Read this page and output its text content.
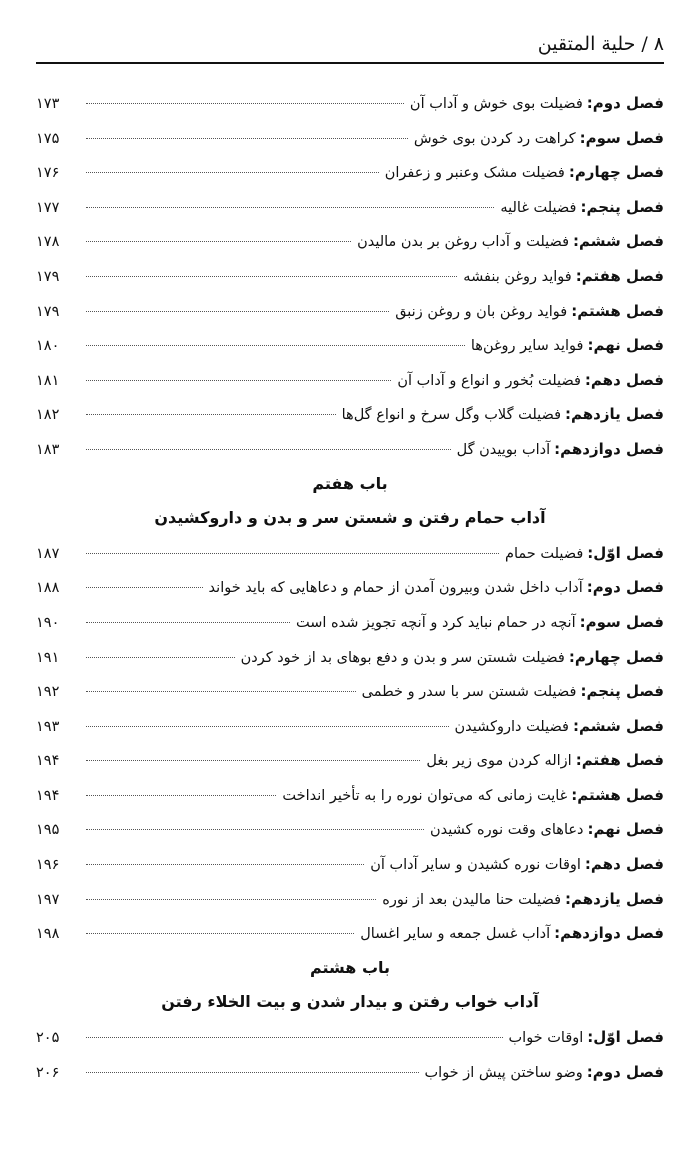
۸/حلیة المتقین
فصل دوم:فضیلت بوی خوش و آداب آن
۱۷۳
فصل سوم:کراهت رد کردن بوی خوش
۱۷۵
فصل چهارم:فضیلت مشک وعنبر و زعفران
۱۷۶
فصل پنجم:فضیلت غالیه
۱۷۷
فصل ششم:فضیلت و آداب روغن بر بدن مالیدن
۱۷۸
فصل هفتم:فواید روغن بنفشه
۱۷۹
فصل هشتم:فواید روغن بان و روغن زنبق
۱۷۹
فصل نهم:فواید سایر روغن‌ها
۱۸۰
فصل دهم:فضیلت بُخور و انواع و آداب آن
۱۸۱
فصل یازدهم:فضیلت گلاب وگل سرخ و انواع گل‌ها
۱۸۲
فصل دوازدهم:آداب بوییدن گل
۱۸۳
باب هفتم
آداب حمام رفتن و شستن سر و بدن و داروکشیدن
فصل اوّل:فضیلت حمام
۱۸۷
فصل دوم:آداب داخل شدن وبیرون آمدن از حمام و دعاهایی که باید خواند
۱۸۸
فصل سوم:آنچه در حمام نباید کرد و آنچه تجویز شده است
۱۹۰
فصل چهارم:فضیلت شستن سر و بدن و دفع بوهای بد از خود کردن
۱۹۱
فصل پنجم:فضیلت شستن سر با سدر و خطمی
۱۹۲
فصل ششم:فضیلت داروکشیدن
۱۹۳
فصل هفتم:ازاله کردن موی زیر بغل
۱۹۴
فصل هشتم:غایت زمانی که می‌توان نوره را به تأخیر انداخت
۱۹۴
فصل نهم:دعاهای وقت نوره کشیدن
۱۹۵
فصل دهم:اوقات نوره کشیدن و سایر آداب آن
۱۹۶
فصل یازدهم:فضیلت حنا مالیدن بعد از نوره
۱۹۷
فصل دوازدهم:آداب غسل جمعه و سایر اغسال
۱۹۸
باب هشتم
آداب خواب رفتن و بیدار شدن و بیت الخلاء رفتن
فصل اوّل:اوقات خواب
۲۰۵
فصل دوم:وضو ساختن پیش از خواب
۲۰۶
